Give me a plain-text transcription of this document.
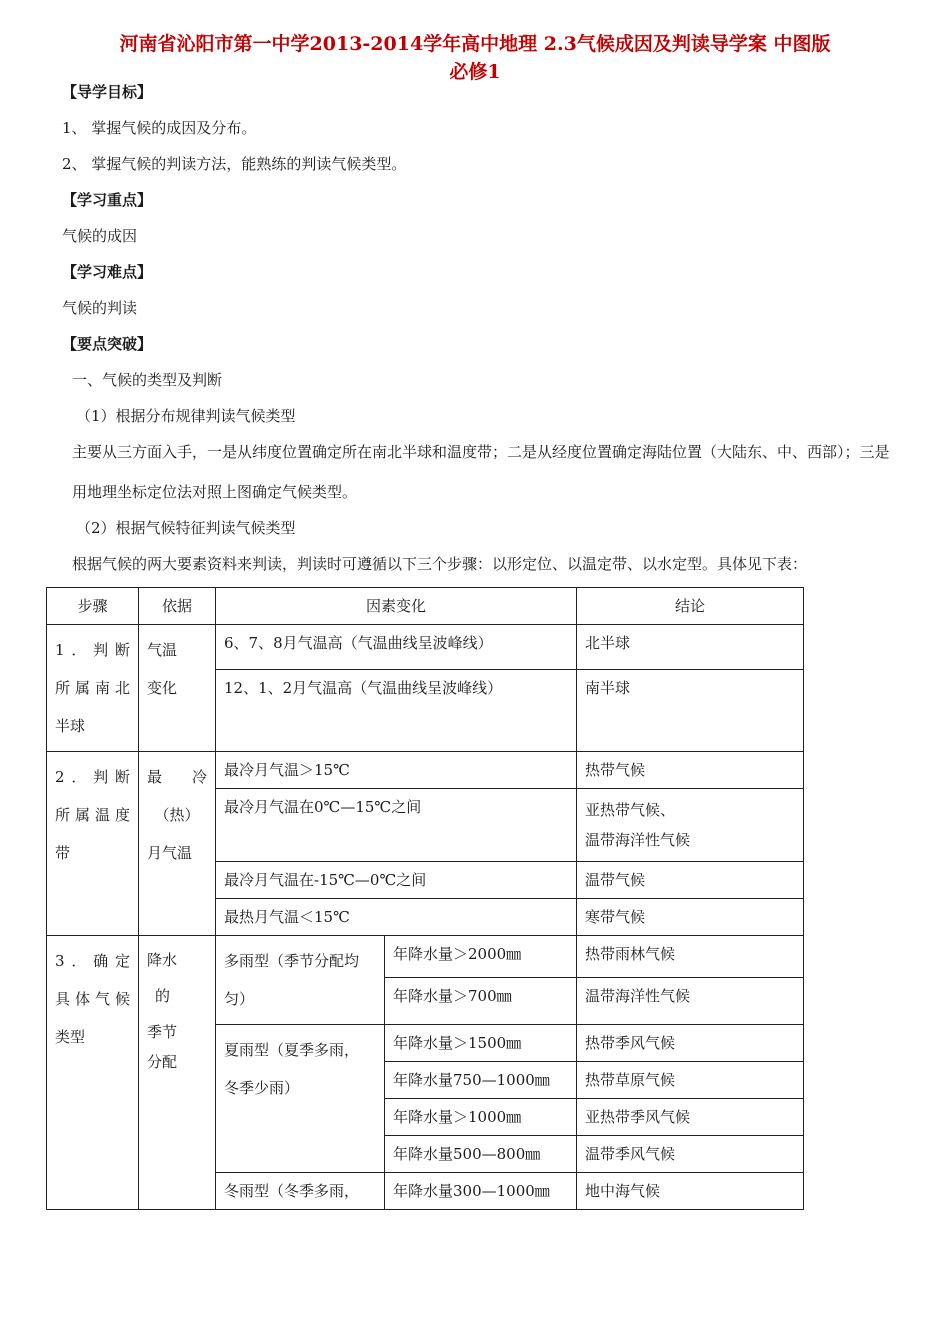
河南省沁阳市第一中学2013-2014学年高中地理 2.3气候成因及判读导学案 中图版
必修1
【导学目标】
1、 掌握气候的成因及分布。
2、 掌握气候的判读方法，能熟练的判读气候类型。
【学习重点】
气候的成因
【学习难点】
气候的判读
【要点突破】
一、气候的类型及判断
（1）根据分布规律判读气候类型
主要从三方面入手，一是从纬度位置确定所在南北半球和温度带；二是从经度位置确定海陆位置（大陆东、中、西部）；三是用地理坐标定位法对照上图确定气候类型。
（2）根据气候特征判读气候类型
根据气候的两大要素资料来判读，判读时可遵循以下三个步骤：以形定位、以温定带、以水定型。具体见下表：
步骤	依据	因素变化		结论

1．判断
所属南北
半球	气温
变化	6、7、8月气温高（气温曲线呈波峰线）		北半球
		12、1、2月气温高（气温曲线呈波峰线）		南半球

2．判断
所属温度
带	最　冷
（热）
月气温	最冷月气温＞15℃		热带气候
		最冷月气温在0℃—15℃之间		亚热带气候、
温带海洋性气候

		最冷月气温在-15℃—0℃之间		温带气候
		最热月气温＜15℃		寒带气候

3．确定
具体气候
类型	降水
的
季节
分配	多雨型（季节分配均
匀）	年降水量＞2000㎜	热带雨林气候
			年降水量＞700㎜	温带海洋性气候

		夏雨型（夏季多雨，
冬季少雨）	年降水量＞1500㎜	热带季风气候
			年降水量750—1000㎜	热带草原气候
			年降水量＞1000㎜	亚热带季风气候
			年降水量500—800㎜	温带季风气候
		冬雨型（冬季多雨，	年降水量300—1000㎜	地中海气候
